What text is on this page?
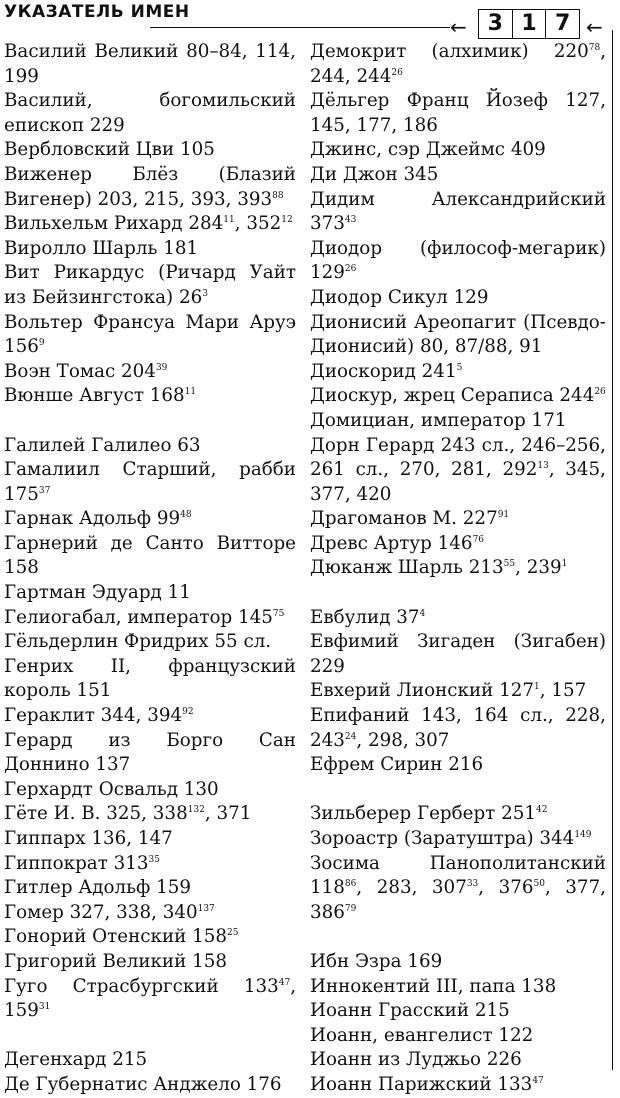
УКАЗАТЕЛЬ ИМЕН
← 3 1 7 ←
Василий Великий 80–84, 114, 199
Василий, богомильский епископ 229
Вербловский Цви 105
Виженер Блёз (Блазий Вигенер) 203, 215, 393, $393^{88}$
Вильхельм Рихард $284^{11}$, $352^{12}$
Виролло Шарль 181
Вит Рикардус (Ричард Уайт из Бейзингстока) $26^3$
Вольтер Франсуа Мари Аруэ $156^9$
Воэн Томас $204^{39}$
Вюнше Август $168^{11}$
Галилей Галилео 63
Гамалиил Старший, рабби $175^{37}$
Гарнак Адольф $99^{48}$
Гарнерий де Санто Витторе 158
Гартман Эдуард 11
Гелиогабал, император $145^{75}$
Гёльдерлин Фридрих 55 сл.
Генрих II, французский король 151
Гераклит 344, $394^{92}$
Герард из Борго Сан Доннино 137
Герхардт Освальд 130
Гёте И. В. 325, $338^{132}$, 371
Гиппарх 136, 147
Гиппократ $313^{35}$
Гитлер Адольф 159
Гомер 327, 338, $340^{137}$
Гонорий Отенский $158^{25}$
Григорий Великий 158
Гуго Страсбургский $133^{47}$, $159^{31}$
Дегенхард 215
Де Губернатис Анджело 176
Демокрит (алхимик) $220^{78}$, 244, $244^{26}$
Дёльгер Франц Йозеф 127, 145, 177, 186
Джинс, сэр Джеймс 409
Ди Джон 345
Дидим Александрийский $373^{43}$
Диодор (философ-мегарик) $129^{26}$
Диодор Сикул 129
Дионисий Ареопагит (Псевдо-Дионисий) 80, 87/88, 91
Диоскорид $241^5$
Диоскур, жрец Сераписа $244^{26}$
Домициан, император 171
Дорн Герард 243 сл., 246–256, 261 сл., 270, 281, $292^{13}$, 345, 377, 420
Драгоманов М. $227^{91}$
Древс Артур $146^{76}$
Дюканж Шарль $213^{55}$, $239^1$
Евбулид $37^4$
Евфимий Зигаден (Зигабен) 229
Евхерий Лионский $127^1$, 157
Епифаний 143, 164 сл., 228, $243^{24}$, 298, 307
Ефрем Сирин 216
Зильберер Герберт $251^{42}$
Зороастр (Заратуштра) $344^{149}$
Зосима Панополитанский $118^{86}$, 283, $307^{33}$, $376^{50}$, 377, $386^{79}$
Ибн Эзра 169
Иннокентий III, папа 138
Иоанн Грасский 215
Иоанн, евангелист 122
Иоанн из Луджьо 226
Иоанн Парижский $133^{47}$
